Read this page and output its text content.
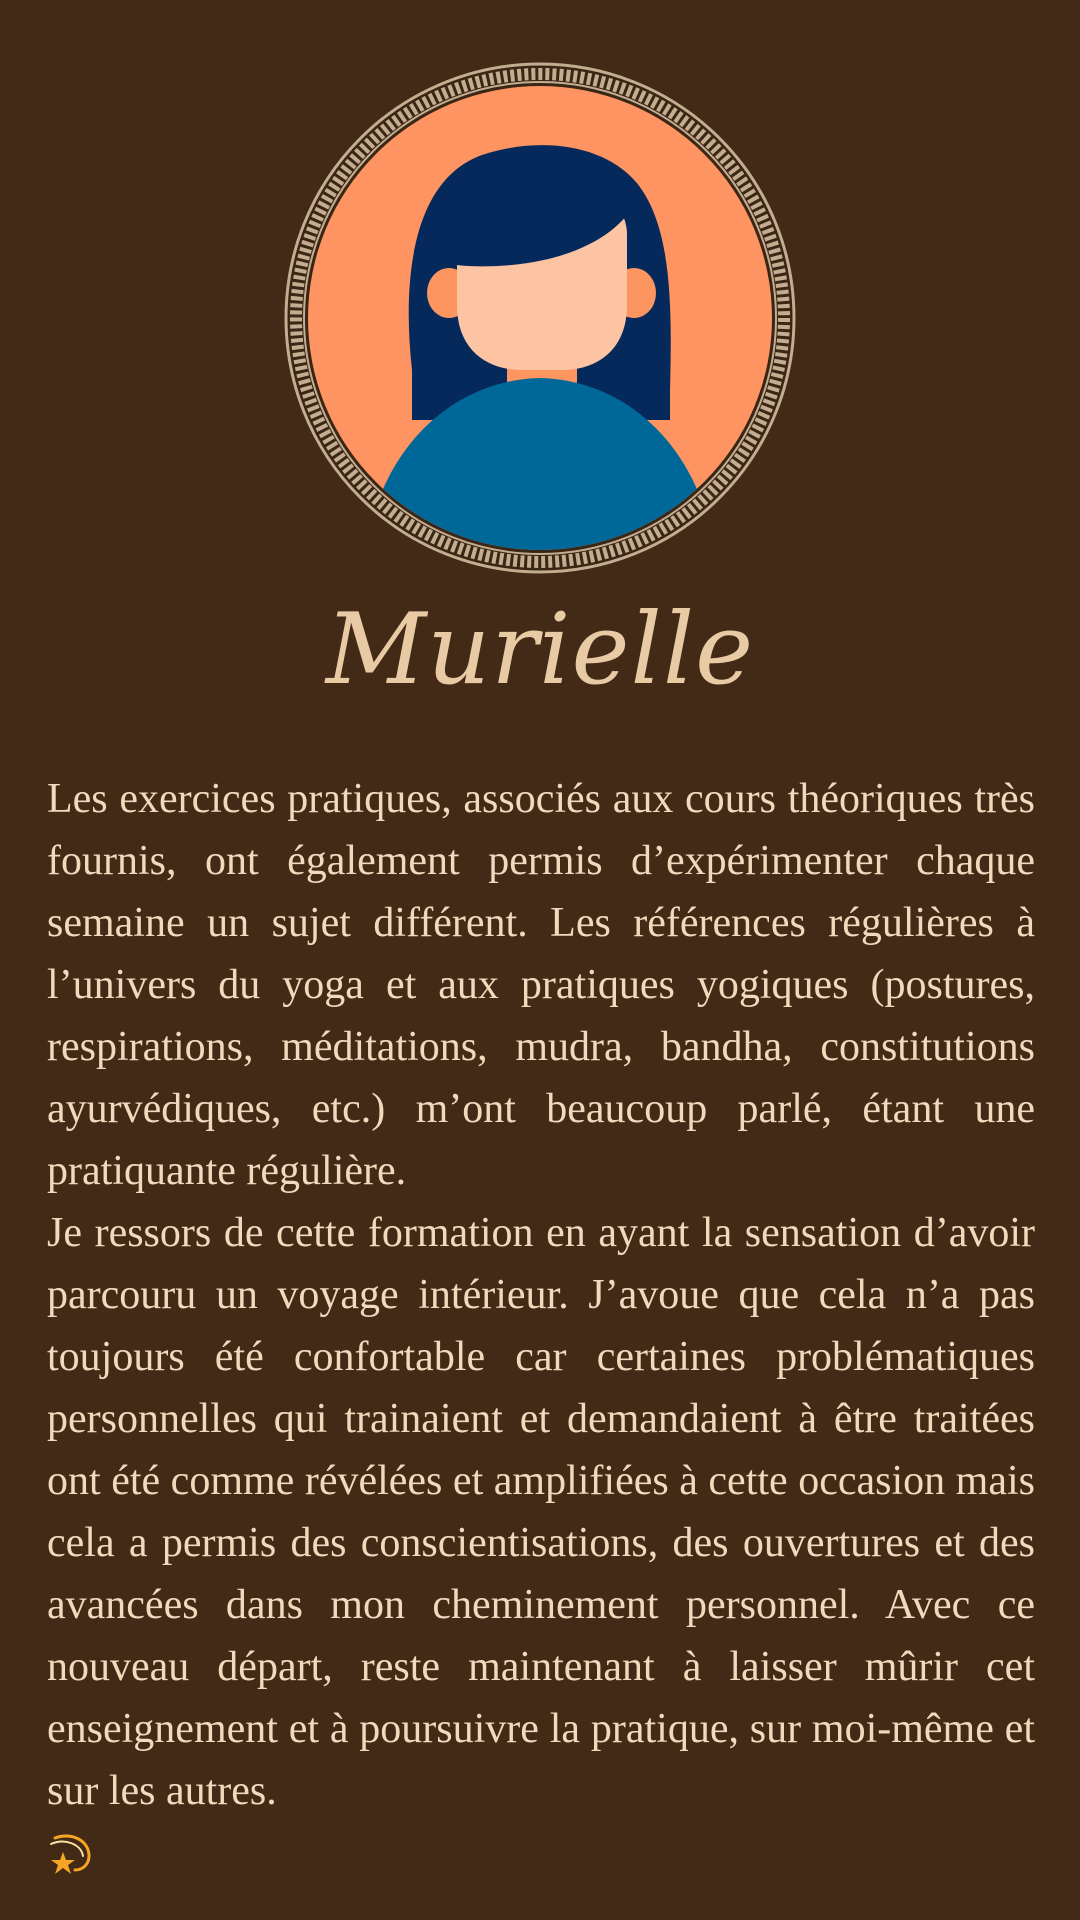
Murielle

Les exercices pratiques, associés aux cours théoriques très fournis, ont également permis d’expérimenter chaque semaine un sujet différent. Les références régulières à l’univers du yoga et aux pratiques yogiques (postures, respirations, méditations, mudra, bandha, constitutions ayurvédiques, etc.) m’ont beaucoup parlé, étant une pratiquante régulière.

Je ressors de cette formation en ayant la sensation d’avoir parcouru un voyage intérieur. J’avoue que cela n’a pas toujours été confortable car certaines problématiques personnelles qui trainaient et demandaient à être traitées ont été comme révélées et amplifiées à cette occasion mais cela a permis des conscientisations, des ouvertures et des avancées dans mon cheminement personnel. Avec ce nouveau départ, reste maintenant à laisser mûrir cet enseignement et à poursuivre la pratique, sur moi-même et sur les autres.
